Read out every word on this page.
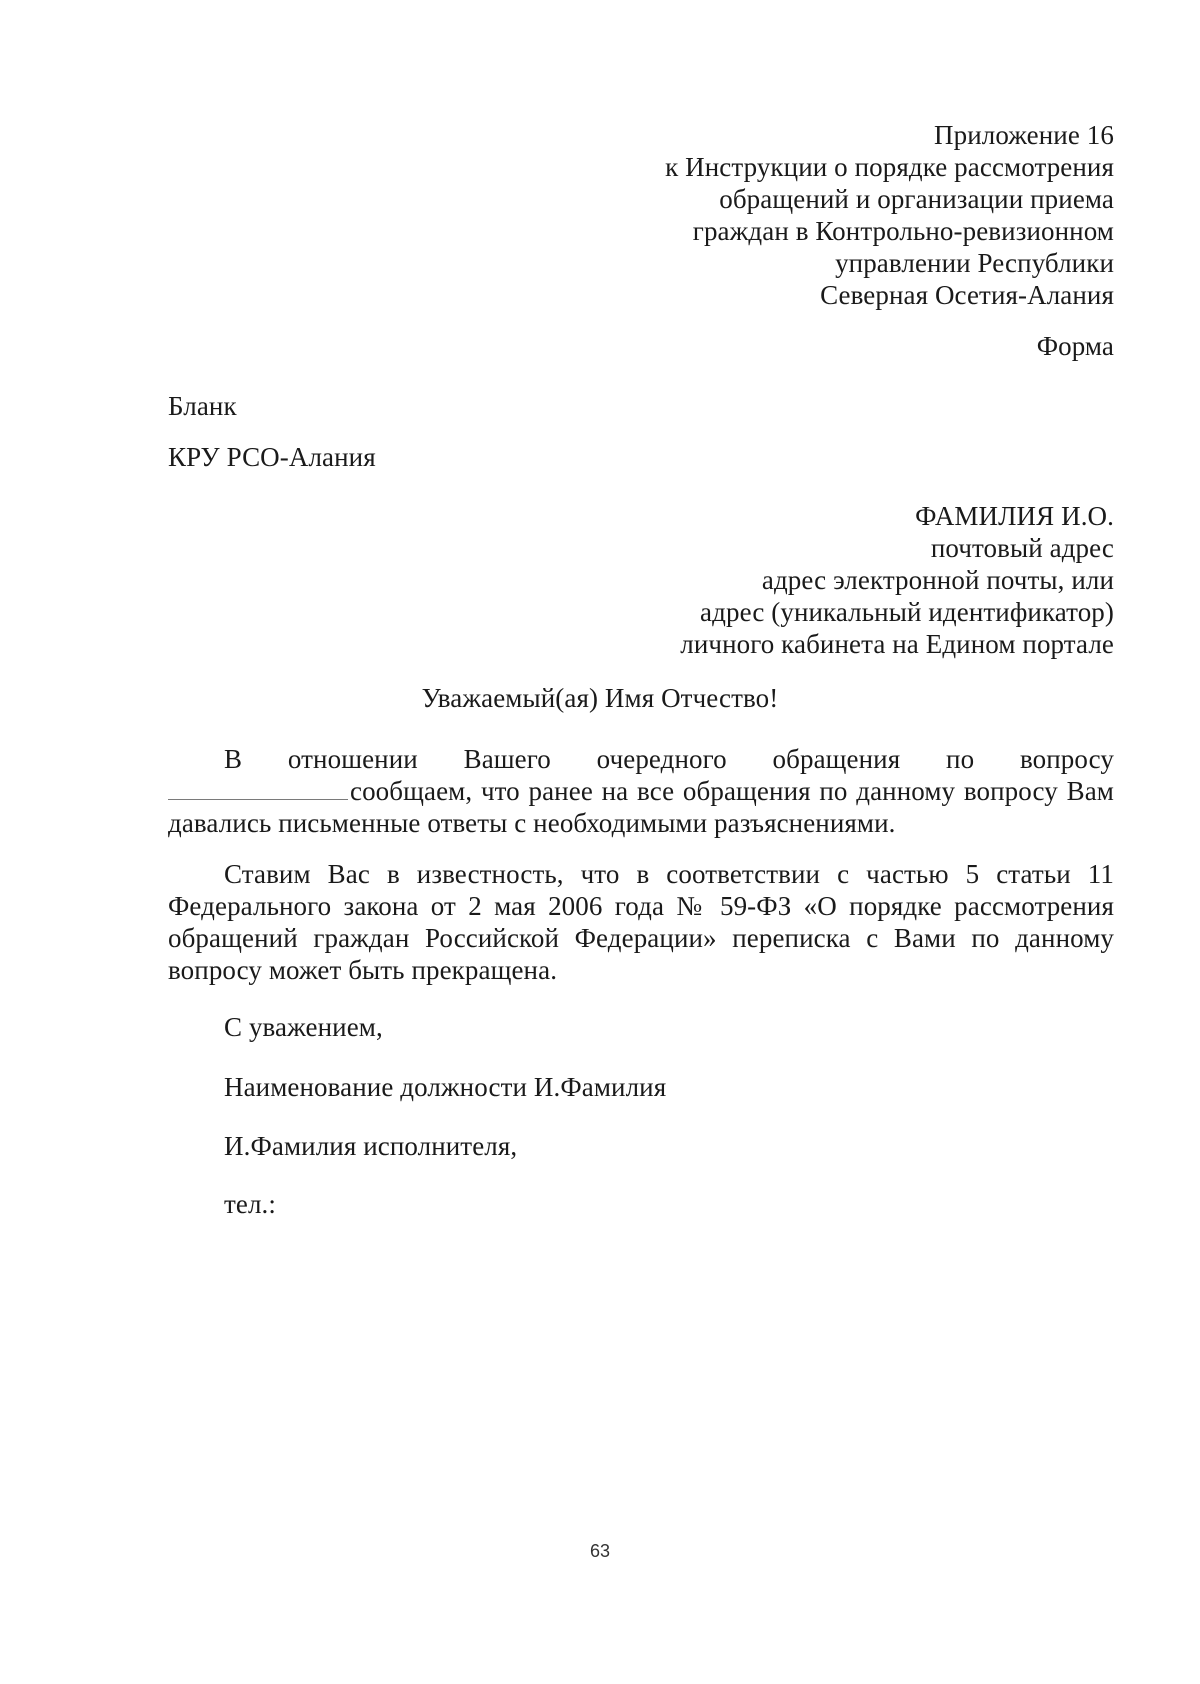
Приложение 16
к Инструкции о порядке рассмотрения
обращений и организации приема
граждан в Контрольно-ревизионном
управлении Республики
Северная Осетия-Алания
Форма
Бланк
КРУ РСО-Алания
ФАМИЛИЯ И.О.
почтовый адрес
адрес электронной почты, или
адрес (уникальный идентификатор)
личного кабинета на Едином портале
Уважаемый(ая) Имя Отчество!
В отношении Вашего очередного обращения по вопросу
сообщаем, что ранее на все обращения по данному вопросу Вам давались письменные ответы с необходимыми разъяснениями.
Ставим Вас в известность, что в соответствии с частью 5 статьи 11 Федерального закона от 2 мая 2006 года № 59-ФЗ «О порядке рассмотрения обращений граждан Российской Федерации» переписка с Вами по данному вопросу может быть прекращена.
С уважением,
Наименование должности И.Фамилия
И.Фамилия исполнителя,
тел.:
63
